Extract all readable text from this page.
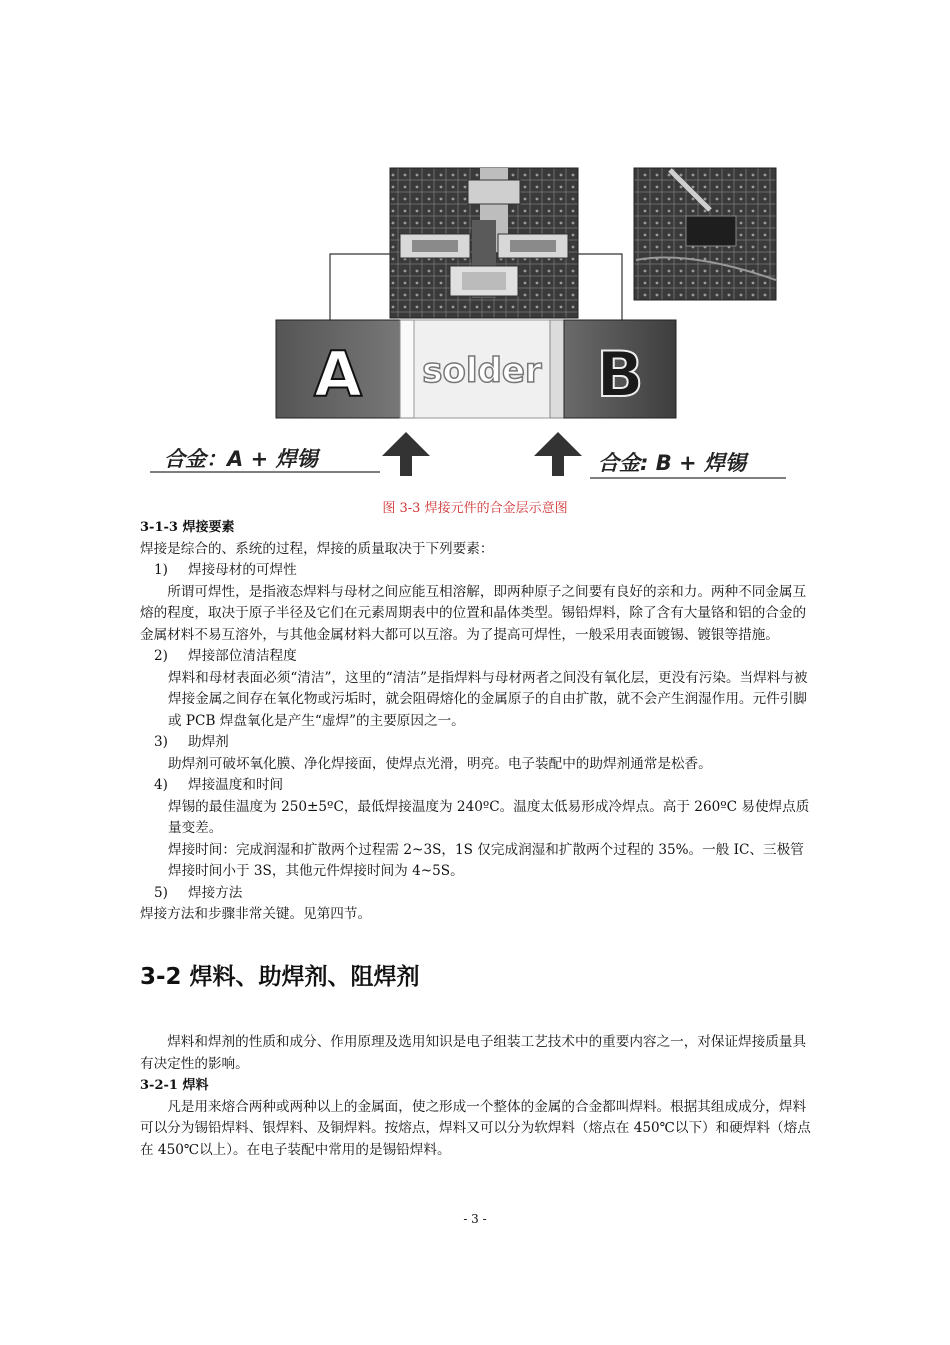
A solder B
合金：A + 焊锡	合金: B + 焊锡
图 3-3 焊接元件的合金层示意图

3-1-3 焊接要素

焊接是综合的、系统的过程，焊接的质量取决于下列要素：

1) 焊接母材的可焊性

所谓可焊性，是指液态焊料与母材之间应能互相溶解，即两种原子之间要有良好的亲和力。两种不同金属互熔的程度，取决于原子半径及它们在元素周期表中的位置和晶体类型。锡铅焊料，除了含有大量铬和铝的合金的金属材料不易互溶外，与其他金属材料大都可以互溶。为了提高可焊性，一般采用表面镀锡、镀银等措施。

2) 焊接部位清洁程度

焊料和母材表面必须“清洁”，这里的“清洁”是指焊料与母材两者之间没有氧化层，更没有污染。当焊料与被焊接金属之间存在氧化物或污垢时，就会阻碍熔化的金属原子的自由扩散，就不会产生润湿作用。元件引脚或 PCB 焊盘氧化是产生“虚焊”的主要原因之一。

3) 助焊剂

助焊剂可破坏氧化膜、净化焊接面，使焊点光滑，明亮。电子装配中的助焊剂通常是松香。

4) 焊接温度和时间

焊锡的最佳温度为 250±5ºC，最低焊接温度为 240ºC。温度太低易形成冷焊点。高于 260ºC 易使焊点质量变差。

焊接时间：完成润湿和扩散两个过程需 2~3S，1S 仅完成润湿和扩散两个过程的 35%。一般 IC、三极管焊接时间小于 3S，其他元件焊接时间为 4~5S。

5) 焊接方法

焊接方法和步骤非常关键。见第四节。

3-2 焊料、助焊剂、阻焊剂

焊料和焊剂的性质和成分、作用原理及选用知识是电子组装工艺技术中的重要内容之一，对保证焊接质量具有决定性的影响。

3-2-1 焊料

凡是用来熔合两种或两种以上的金属面，使之形成一个整体的金属的合金都叫焊料。根据其组成成分，焊料可以分为锡铅焊料、银焊料、及铜焊料。按熔点，焊料又可以分为软焊料（熔点在 450℃以下）和硬焊料（熔点在 450℃以上）。在电子装配中常用的是锡铅焊料。

- 3 -
